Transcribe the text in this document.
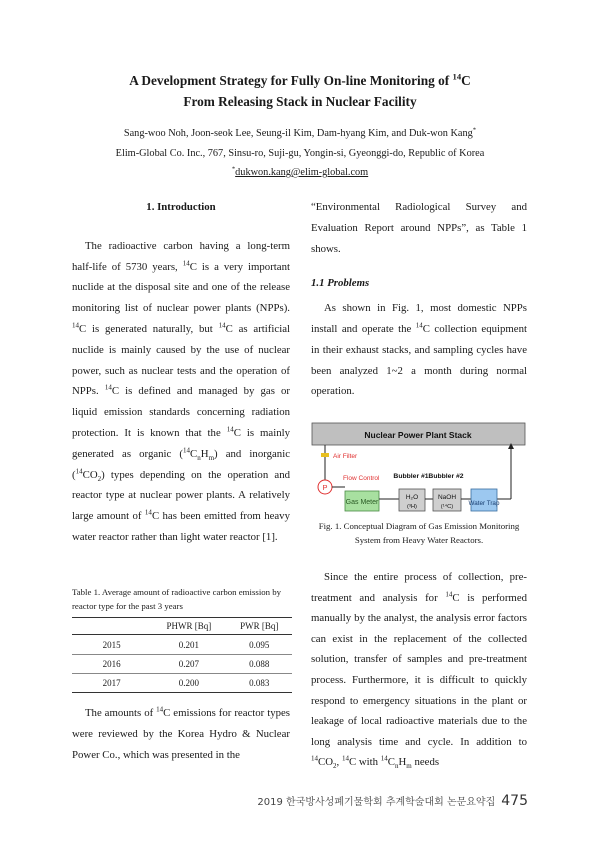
A Development Strategy for Fully On-line Monitoring of $^{14}$C
From Releasing Stack in Nuclear Facility
Sang-woo Noh, Joon-seok Lee, Seung-il Kim, Dam-hyang Kim, and Duk-won Kang*
Elim-Global Co. Inc., 767, Sinsu-ro, Suji-gu, Yongin-si, Gyeonggi-do, Republic of Korea
*dukwon.kang@elim-global.com
1. Introduction

The radioactive carbon having a long-term half-life of 5730 years, $^{14}$C is a very important nuclide at the disposal site and one of the release monitoring list of nuclear power plants (NPPs). $^{14}$C is generated naturally, but $^{14}$C as artificial nuclide is mainly caused by the use of nuclear power, such as nuclear tests and the operation of NPPs. $^{14}$C is defined and managed by gas or liquid emission standards concerning radiation protection. It is known that the $^{14}$C is mainly generated as organic $(^{14}C_nH_m)$ and inorganic $(^{14}CO_2)$ types depending on the operation and reactor type at nuclear power plants. A relatively large amount of $^{14}$C has been emitted from heavy water reactor rather than light water reactor [1].

Table 1. Average amount of radioactive carbon emission by reactor type for the past 3 years
	PHWR [Bq]	PWR [Bq]
2015	0.201	0.095
2016	0.207	0.088
2017	0.200	0.083

The amounts of $^{14}$C emissions for reactor types were reviewed by the Korea Hydro & Nuclear Power Co., which was presented in the

“Environmental Radiological Survey and Evaluation Report around NPPs”, as Table 1 shows.

1.1 Problems

As shown in Fig. 1, most domestic NPPs install and operate the $^{14}$C collection equipment in their exhaust stacks, and sampling cycles have been analyzed 1~2 a month during normal operation.

Nuclear Power Plant Stack
Air Filter
P
Flow Control
Gas Meter
Bubbler #1
H₂O
(³H)
Bubbler #2
NaOH
(¹⁴C) Water Trap
Fig. 1. Conceptual Diagram of Gas Emission Monitoring System from Heavy Water Reactors.

Since the entire process of collection, pre-treatment and analysis for $^{14}$C is performed manually by the analyst, the analysis error factors can exist in the replacement of the collected solution, transfer of samples and pre-treatment process. Furthermore, it is difficult to quickly respond to emergency situations in the plant or leakage of local radioactive materials due to the long analysis time and cycle. In addition to $^{14}CO_2$, $^{14}$C with $^{14}C_nH_m$ needs

2019 한국방사성폐기물학회 추계학술대회 논문요약집 475
